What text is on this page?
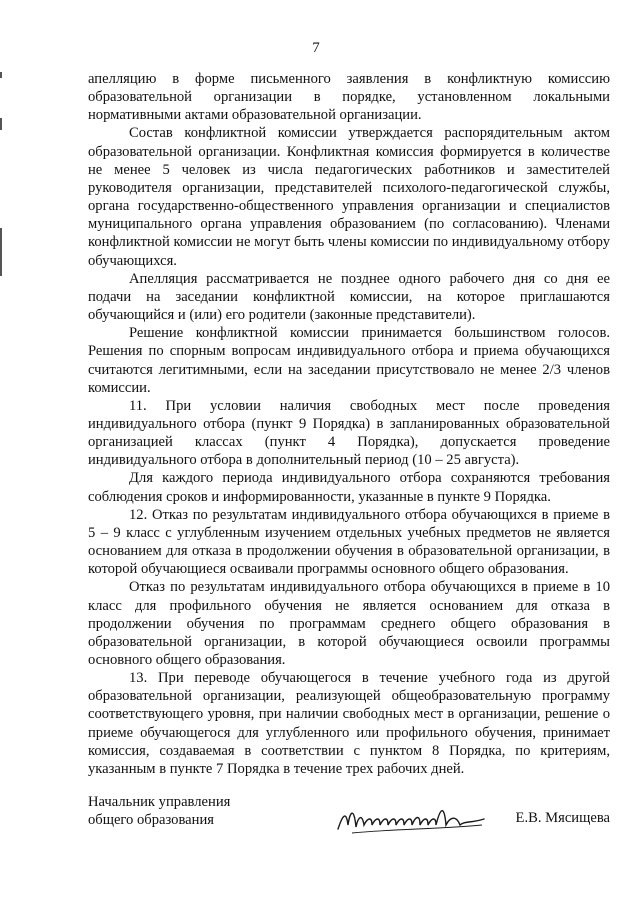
7

апелляцию в форме письменного заявления в конфликтную комиссию образовательной организации в порядке, установленном локальными нормативными актами образовательной организации.

Состав конфликтной комиссии утверждается распорядительным актом образовательной организации. Конфликтная комиссия формируется в количестве не менее 5 человек из числа педагогических работников и заместителей руководителя организации, представителей психолого-педагогической службы, органа государственно-общественного управления организации и специалистов муниципального органа управления образованием (по согласованию). Членами конфликтной комиссии не могут быть члены комиссии по индивидуальному отбору обучающихся.

Апелляция рассматривается не позднее одного рабочего дня со дня ее подачи на заседании конфликтной комиссии, на которое приглашаются обучающийся и (или) его родители (законные представители).

Решение конфликтной комиссии принимается большинством голосов. Решения по спорным вопросам индивидуального отбора и приема обучающихся считаются легитимными, если на заседании присутствовало не менее 2/3 членов комиссии.

11. При условии наличия свободных мест после проведения индивидуального отбора (пункт 9 Порядка) в запланированных образовательной организацией классах (пункт 4 Порядка), допускается проведение индивидуального отбора в дополнительный период (10 – 25 августа).

Для каждого периода индивидуального отбора сохраняются требования соблюдения сроков и информированности, указанные в пункте 9 Порядка.

12. Отказ по результатам индивидуального отбора обучающихся в приеме в 5 – 9 класс с углубленным изучением отдельных учебных предметов не является основанием для отказа в продолжении обучения в образовательной организации, в которой обучающиеся осваивали программы основного общего образования.

Отказ по результатам индивидуального отбора обучающихся в приеме в 10 класс для профильного обучения не является основанием для отказа в продолжении обучения по программам среднего общего образования в образовательной организации, в которой обучающиеся освоили программы основного общего образования.

13. При переводе обучающегося в течение учебного года из другой образовательной организации, реализующей общеобразовательную программу соответствующего уровня, при наличии свободных мест в организации, решение о приеме обучающегося для углубленного или профильного обучения, принимает комиссия, создаваемая в соответствии с пунктом 8 Порядка, по критериям, указанным в пункте 7 Порядка в течение трех рабочих дней.

Начальник управления
общего образования	Е.В. Мясищева
